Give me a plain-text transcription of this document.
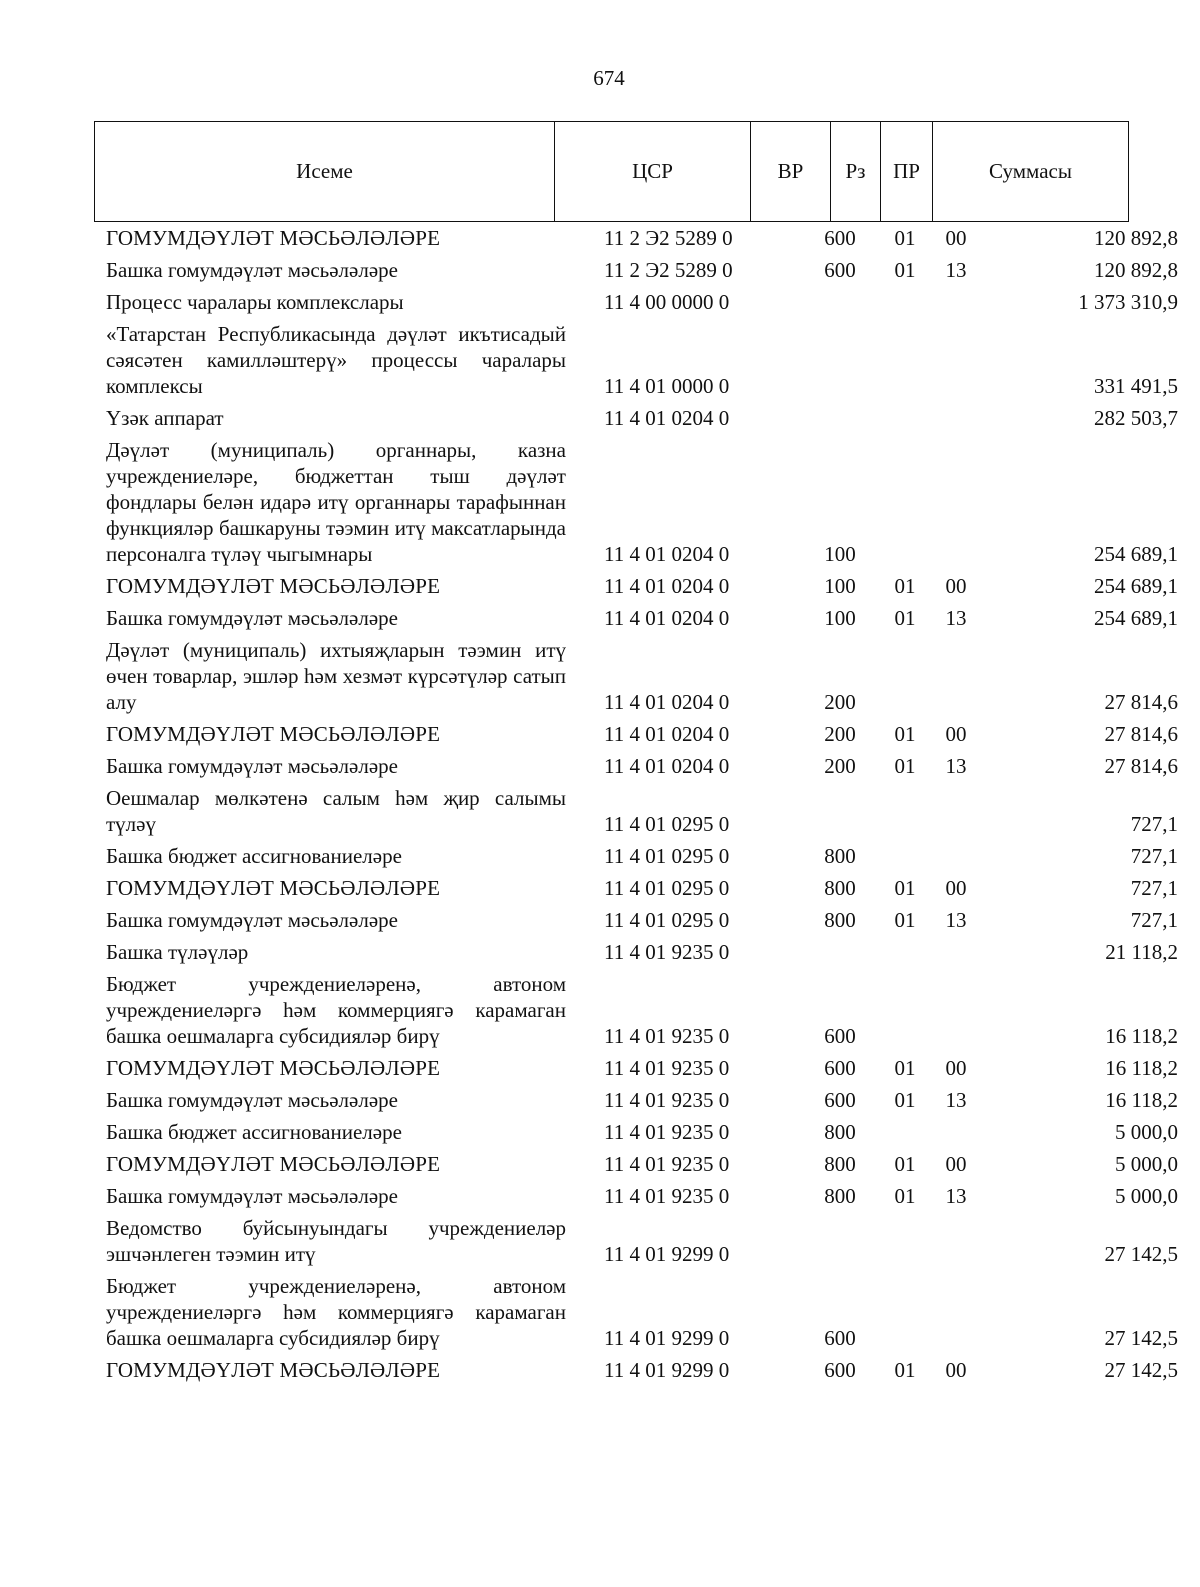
674
Исеме	ЦСР	ВР	Рз	ПР	Суммасы
ГОМУМДӘҮЛӘТ МӘСЬӘЛӘЛӘРЕ	11 2 Э2 5289 0	600	01	00	120 892,8
Башка гомумдәүләт мәсьәләләре	11 2 Э2 5289 0	600	01	13	120 892,8
Процесс чаралары комплекслары	11 4 00 0000 0				1 373 310,9
«Татарстан Республикасында дәүләт икътисадый сәясәтен камилләштерү» процессы чаралары комплексы	11 4 01 0000 0				331 491,5
Үзәк аппарат	11 4 01 0204 0				282 503,7
Дәүләт (муниципаль) органнары, казна учреждениеләре, бюджеттан тыш дәүләт фондлары белән идарә итү органнары тарафыннан функцияләр башкаруны тәэмин итү максатларында персоналга түләү чыгымнары	11 4 01 0204 0	100			254 689,1
ГОМУМДӘҮЛӘТ МӘСЬӘЛӘЛӘРЕ	11 4 01 0204 0	100	01	00	254 689,1
Башка гомумдәүләт мәсьәләләре	11 4 01 0204 0	100	01	13	254 689,1
Дәүләт (муниципаль) ихтыяҗларын тәэмин итү өчен товарлар, эшләр һәм хезмәт күрсәтүләр сатып алу	11 4 01 0204 0	200			27 814,6
ГОМУМДӘҮЛӘТ МӘСЬӘЛӘЛӘРЕ	11 4 01 0204 0	200	01	00	27 814,6
Башка гомумдәүләт мәсьәләләре	11 4 01 0204 0	200	01	13	27 814,6
Оешмалар мөлкәтенә салым һәм җир салымы түләү	11 4 01 0295 0				727,1
Башка бюджет ассигнованиеләре	11 4 01 0295 0	800			727,1
ГОМУМДӘҮЛӘТ МӘСЬӘЛӘЛӘРЕ	11 4 01 0295 0	800	01	00	727,1
Башка гомумдәүләт мәсьәләләре	11 4 01 0295 0	800	01	13	727,1
Башка түләүләр	11 4 01 9235 0				21 118,2
Бюджет учреждениеләренә, автоном учреждениеләргә һәм коммерциягә карамаган башка оешмаларга субсидияләр бирү	11 4 01 9235 0	600			16 118,2
ГОМУМДӘҮЛӘТ МӘСЬӘЛӘЛӘРЕ	11 4 01 9235 0	600	01	00	16 118,2
Башка гомумдәүләт мәсьәләләре	11 4 01 9235 0	600	01	13	16 118,2
Башка бюджет ассигнованиеләре	11 4 01 9235 0	800			5 000,0
ГОМУМДӘҮЛӘТ МӘСЬӘЛӘЛӘРЕ	11 4 01 9235 0	800	01	00	5 000,0
Башка гомумдәүләт мәсьәләләре	11 4 01 9235 0	800	01	13	5 000,0
Ведомство буйсынуындагы учреждениеләр эшчәнлеген тәэмин итү	11 4 01 9299 0				27 142,5
Бюджет учреждениеләренә, автоном учреждениеләргә һәм коммерциягә карамаган башка оешмаларга субсидияләр бирү	11 4 01 9299 0	600			27 142,5
ГОМУМДӘҮЛӘТ МӘСЬӘЛӘЛӘРЕ	11 4 01 9299 0	600	01	00	27 142,5
